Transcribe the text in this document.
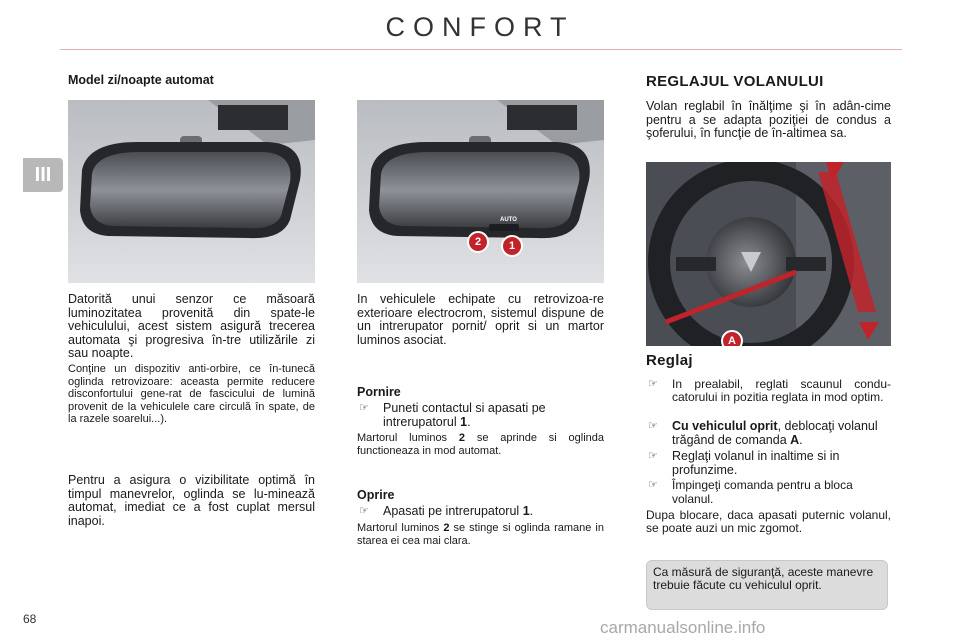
CONFORT
III
Model zi/noapte automat
Datorită unui senzor ce măsoară luminozitatea provenită din spate-le vehiculului, acest sistem asigură trecerea automata şi progresiva în-tre utilizările zi sau noapte.
Conţine un dispozitiv anti-orbire, ce în-tunecă oglinda retrovizoare: aceasta permite reducere disconfortului gene-rat de fascicului de lumină provenit de la vehiculele care circulă în spate, de la razele soarelui...).
Pentru a asigura o vizibilitate optimă în timpul manevrelor, oglinda se lu-minează automat, imediat ce a fost cuplat mersul inapoi.
AUTO
2	1
In vehiculele echipate cu retrovizoa-re exterioare electrocrom, sistemul dispune de un intrerupator pornit/ oprit si un martor luminos asociat.
Pornire
☞	Puneti contactul si apasati pe intrerupatorul 1.
Martorul luminos 2 se aprinde si oglinda functioneaza in mod automat.
Oprire
☞	Apasati pe intrerupatorul 1.
Martorul luminos 2 se stinge si oglinda ramane in starea ei cea mai clara.
REGLAJUL VOLANULUI
Volan reglabil în înălţime şi în adân-cime pentru a se adapta poziţiei de condus a şoferului, în funcţie de în-altimea sa.
A
Reglaj
☞	In prealabil, reglati scaunul condu-catorului in pozitia reglata in mod optim.
☞	Cu vehiculul oprit, deblocaţi volanul trăgând de comanda A.
☞	Reglaţi volanul in inaltime si in profunzime.
☞	Împingeţi comanda pentru a bloca volanul.
Dupa blocare, daca apasati puternic volanul, se poate auzi un mic zgomot.
Ca măsură de siguranţă, aceste manevre trebuie făcute cu vehiculul oprit.
68	carmanualsonline.info
